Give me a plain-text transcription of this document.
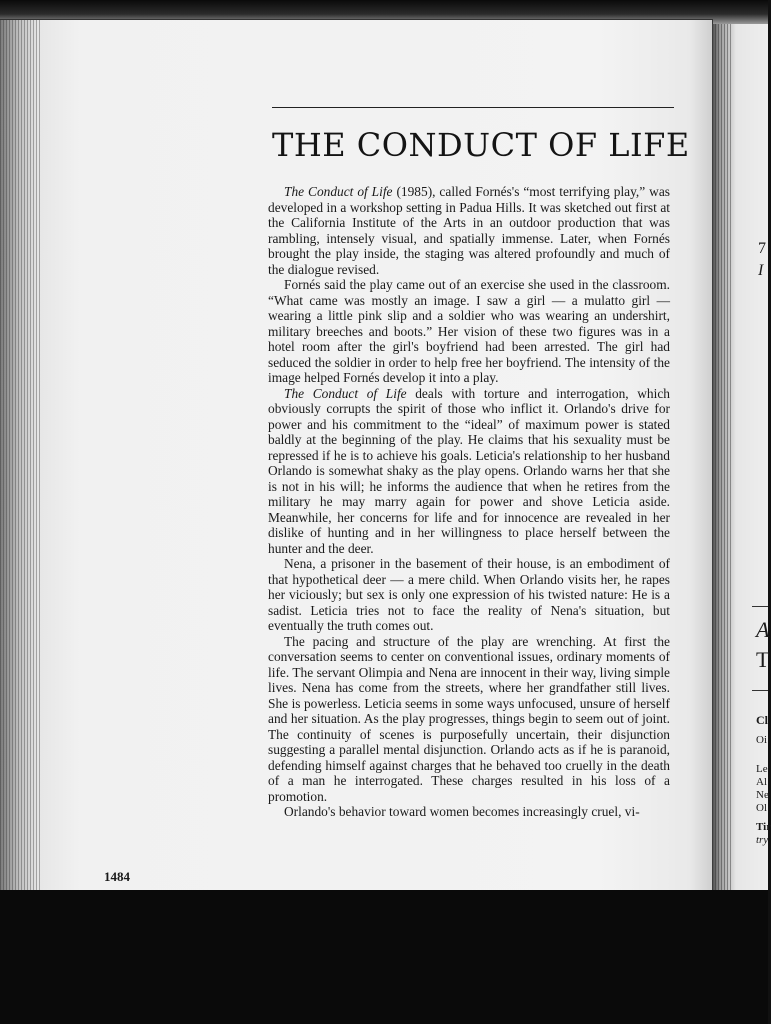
7
I
A
T
Cl
Oi
Le
Al
Ne
Ol
Tir
try
THE CONDUCT OF LIFE

The Conduct of Life (1985), called Fornés's “most terrifying play,” was developed in a workshop setting in Padua Hills. It was sketched out first at the California Institute of the Arts in an outdoor production that was rambling, intensely visual, and spatially immense. Later, when Fornés brought the play inside, the staging was altered profoundly and much of the dialogue revised.

Fornés said the play came out of an exercise she used in the classroom. “What came was mostly an image. I saw a girl — a mulatto girl — wearing a little pink slip and a soldier who was wearing an undershirt, military breeches and boots.” Her vision of these two figures was in a hotel room after the girl's boyfriend had been arrested. The girl had seduced the soldier in order to help free her boyfriend. The intensity of the image helped Fornés develop it into a play.

The Conduct of Life deals with torture and interrogation, which obviously corrupts the spirit of those who inflict it. Orlando's drive for power and his commitment to the “ideal” of maximum power is stated baldly at the beginning of the play. He claims that his sexuality must be repressed if he is to achieve his goals. Leticia's relationship to her husband Orlando is somewhat shaky as the play opens. Orlando warns her that she is not in his will; he informs the audience that when he retires from the military he may marry again for power and shove Leticia aside. Meanwhile, her concerns for life and for innocence are revealed in her dislike of hunting and in her willingness to place herself between the hunter and the deer.

Nena, a prisoner in the basement of their house, is an embodiment of that hypothetical deer — a mere child. When Orlando visits her, he rapes her viciously; but sex is only one expression of his twisted nature: He is a sadist. Leticia tries not to face the reality of Nena's situation, but eventually the truth comes out.

The pacing and structure of the play are wrenching. At first the conversation seems to center on conventional issues, ordinary moments of life. The servant Olimpia and Nena are innocent in their way, living simple lives. Nena has come from the streets, where her grandfather still lives. She is powerless. Leticia seems in some ways unfocused, unsure of herself and her situation. As the play progresses, things begin to seem out of joint. The continuity of scenes is purposefully uncertain, their disjunction suggesting a parallel mental disjunction. Orlando acts as if he is paranoid, defending himself against charges that he behaved too cruelly in the death of a man he interrogated. These charges resulted in his loss of a promotion.

Orlando's behavior toward women becomes increasingly cruel, vi-

1484
